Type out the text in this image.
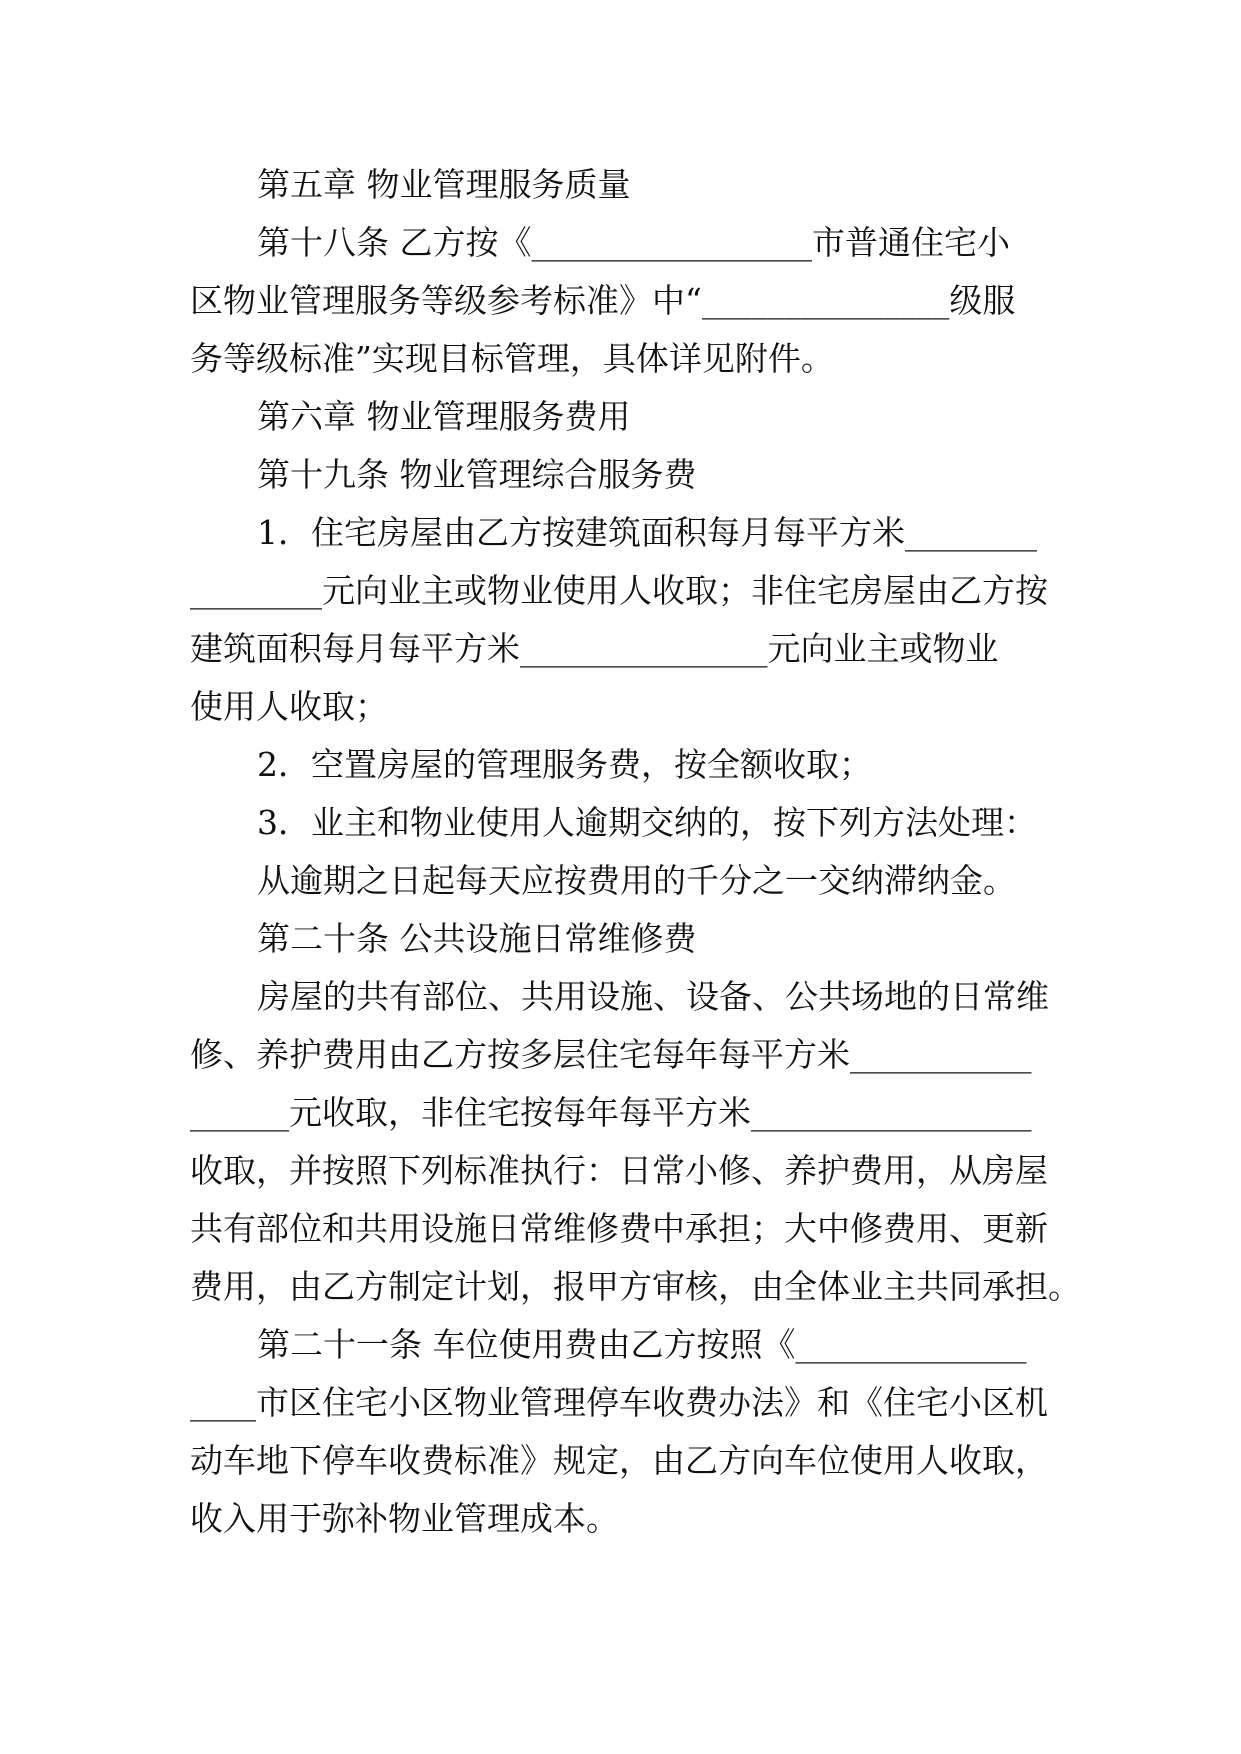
第五章 物业管理服务质量
第十八条 乙方按《_________________市普通住宅小
区物业管理服务等级参考标准》中“_______________级服
务等级标准”实现目标管理，具体详见附件。
第六章 物业管理服务费用
第十九条 物业管理综合服务费
1．住宅房屋由乙方按建筑面积每月每平方米________
________元向业主或物业使用人收取；非住宅房屋由乙方按
建筑面积每月每平方米_______________元向业主或物业
使用人收取；
2．空置房屋的管理服务费，按全额收取；
3．业主和物业使用人逾期交纳的，按下列方法处理：
从逾期之日起每天应按费用的千分之一交纳滞纳金。
第二十条 公共设施日常维修费
房屋的共有部位、共用设施、设备、公共场地的日常维
修、养护费用由乙方按多层住宅每年每平方米___________
______元收取，非住宅按每年每平方米_________________
收取，并按照下列标准执行：日常小修、养护费用，从房屋
共有部位和共用设施日常维修费中承担；大中修费用、更新
费用，由乙方制定计划，报甲方审核，由全体业主共同承担。
第二十一条 车位使用费由乙方按照《______________
____市区住宅小区物业管理停车收费办法》和《住宅小区机
动车地下停车收费标准》规定，由乙方向车位使用人收取，
收入用于弥补物业管理成本。
